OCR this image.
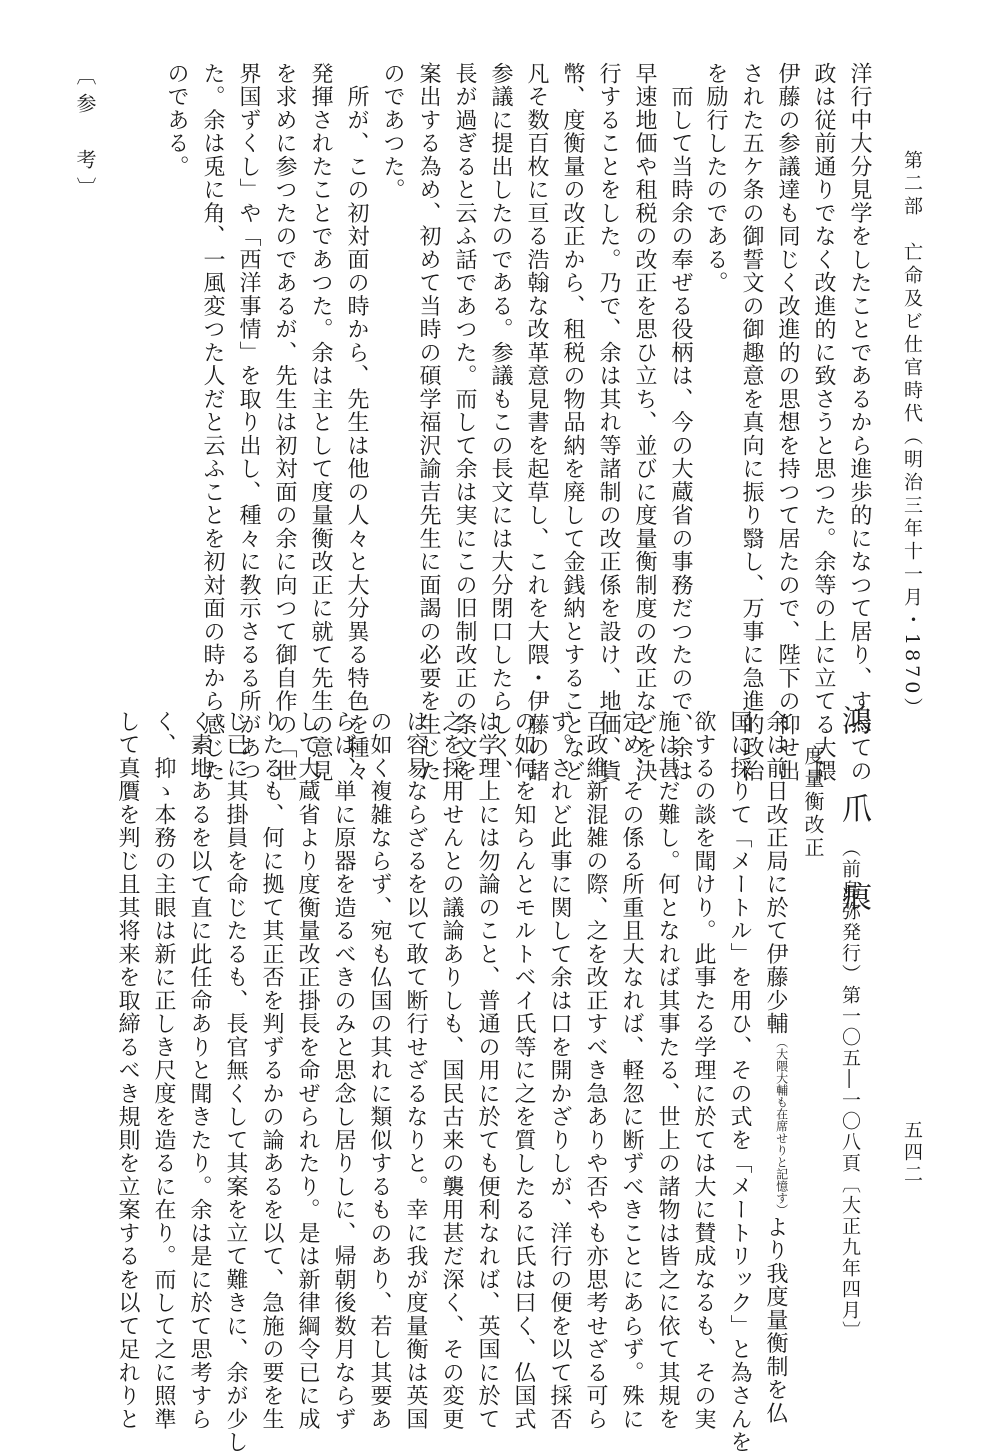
第二部　亡命及ビ仕官時代（明治三年十一月・1870）
五四二
〔参　考〕	洋行中大分見学をしたことであるから進歩的になつて居り、すべての
政は従前通りでなく改進的に致さうと思つた。余等の上に立てる大隈
伊藤の参議達も同じく改進的の思想を持つて居たので、陛下の仰せ出
された五ケ条の御誓文の御趣意を真向に振り翳し、万事に急進的政治
を励行したのである。
　而して当時余の奉ぜる役柄は、今の大蔵省の事務だつたので、余は
早速地価や租税の改正を思ひ立ち、並びに度量衡制度の改正などを決
行することをした。乃で、余は其れ等諸制の改正係を設け、地価、貨
幣、度衡量の改正から、租税の物品納を廃して金銭納とすることなど
凡そ数百枚に亘る浩翰な改革意見書を起草し、これを大隈・伊藤の諸
参議に提出したのである。参議もこの長文には大分閉口したらしく、
長が過ぎると云ふ話であつた。而して余は実にこの旧制改正の条文を
案出する為め、初めて当時の碩学福沢諭吉先生に面謁の必要を生じた
のであつた。
　所が、この初対面の時から、先生は他の人々と大分異る特色を種々
発揮されたことであつた。余は主として度量衡改正に就て先生の意見
を求めに参つたのであるが、先生は初対面の余に向つて御自作の「世
界国ずくし」や「西洋事情」を取り出し、種々に教示さるる所があつ
た。余は兎に角、一風変つた人だと云ふことを初対面の時から感じた
のである。
鴻　爪　痕
（前島弥発行）第一〇五―一〇八頁〔大正九年四月〕
度量衡改正
余は前日改正局に於て伊藤少輔（大隈大輔も在席せりと記憶す）より我度量衡制を仏
国に採りて「メートル」を用ひ、その式を「メートリック」と為さんを
欲するの談を聞けり。此事たる学理に於ては大に賛成なるも、その実
施は甚だ難し。何となれば其事たる、世上の諸物は皆之に依て其規を
定め、その係る所重且大なれば、軽忽に断ずべきことにあらず。殊に
百政維新混雑の際、之を改正すべき急ありや否やも亦思考せざる可ら
ず。されど此事に関して余は口を開かざりしが、洋行の便を以て採否
の如何を知らんとモルトベイ氏等に之を質したるに氏は曰く、仏国式
は学理上には勿論のこと、普通の用に於ても便利なれば、英国に於て
之を採用せんとの議論ありしも、国民古来の襲用甚だ深く、その変更
は容易ならざるを以て敢て断行せざるなりと。幸に我が度量衡は英国
の如く複雑ならず、宛も仏国の其れに類似するものあり、若し其要あ
らば、単に原器を造るべきのみと思念し居りしに、帰朝後数月ならず
して大蔵省より度衡量改正掛長を命ぜられたり。是は新律綱令已に成
りたるも、何に拠て其正否を判ずるかの論あるを以て、急施の要を生
じ已に其掛員を命じたるも、長官無くして其案を立て難きに、余が少し
く素地あるを以て直に此任命ありと聞きたり。余は是に於て思考すら
く、抑ゝ本務の主眼は新に正しき尺度を造るに在り。而して之に照準
して真贋を判じ且其将来を取締るべき規則を立案するを以て足れりと
